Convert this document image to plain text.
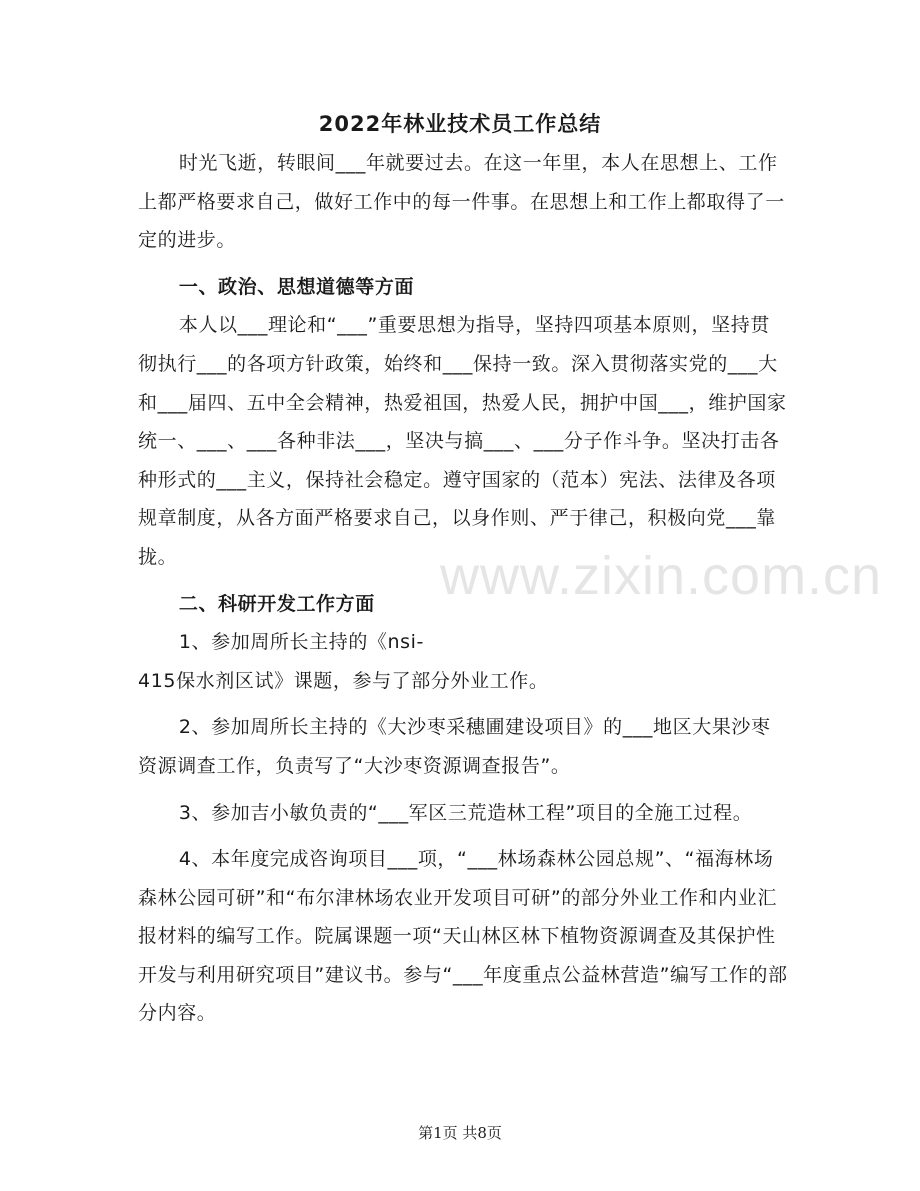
2022年林业技术员工作总结

时光飞逝，转眼间___年就要过去。在这一年里，本人在思想上、工作上都严格要求自己，做好工作中的每一件事。在思想上和工作上都取得了一定的进步。

一、政治、思想道德等方面

本人以___理论和“___”重要思想为指导，坚持四项基本原则，坚持贯彻执行___的各项方针政策，始终和___保持一致。深入贯彻落实党的___大和___届四、五中全会精神，热爱祖国，热爱人民，拥护中国___，维护国家统一、___、___各种非法___，坚决与搞___、___分子作斗争。坚决打击各种形式的___主义，保持社会稳定。遵守国家的（范本）宪法、法律及各项规章制度，从各方面严格要求自己，以身作则、严于律己，积极向党___靠拢。

二、科研开发工作方面

1、参加周所长主持的《nsi-

415保水剂区试》课题，参与了部分外业工作。

2、参加周所长主持的《大沙枣采穗圃建设项目》的___地区大果沙枣资源调查工作，负责写了“大沙枣资源调查报告”。

3、参加吉小敏负责的“___军区三荒造林工程”项目的全施工过程。

4、本年度完成咨询项目___项，“___林场森林公园总规”、“福海林场森林公园可研”和“布尔津林场农业开发项目可研”的部分外业工作和内业汇报材料的编写工作。院属课题一项“天山林区林下植物资源调查及其保护性开发与利用研究项目”建议书。参与“___年度重点公益林营造”编写工作的部分内容。

www.zixin.com.cn
第1页 共8页
